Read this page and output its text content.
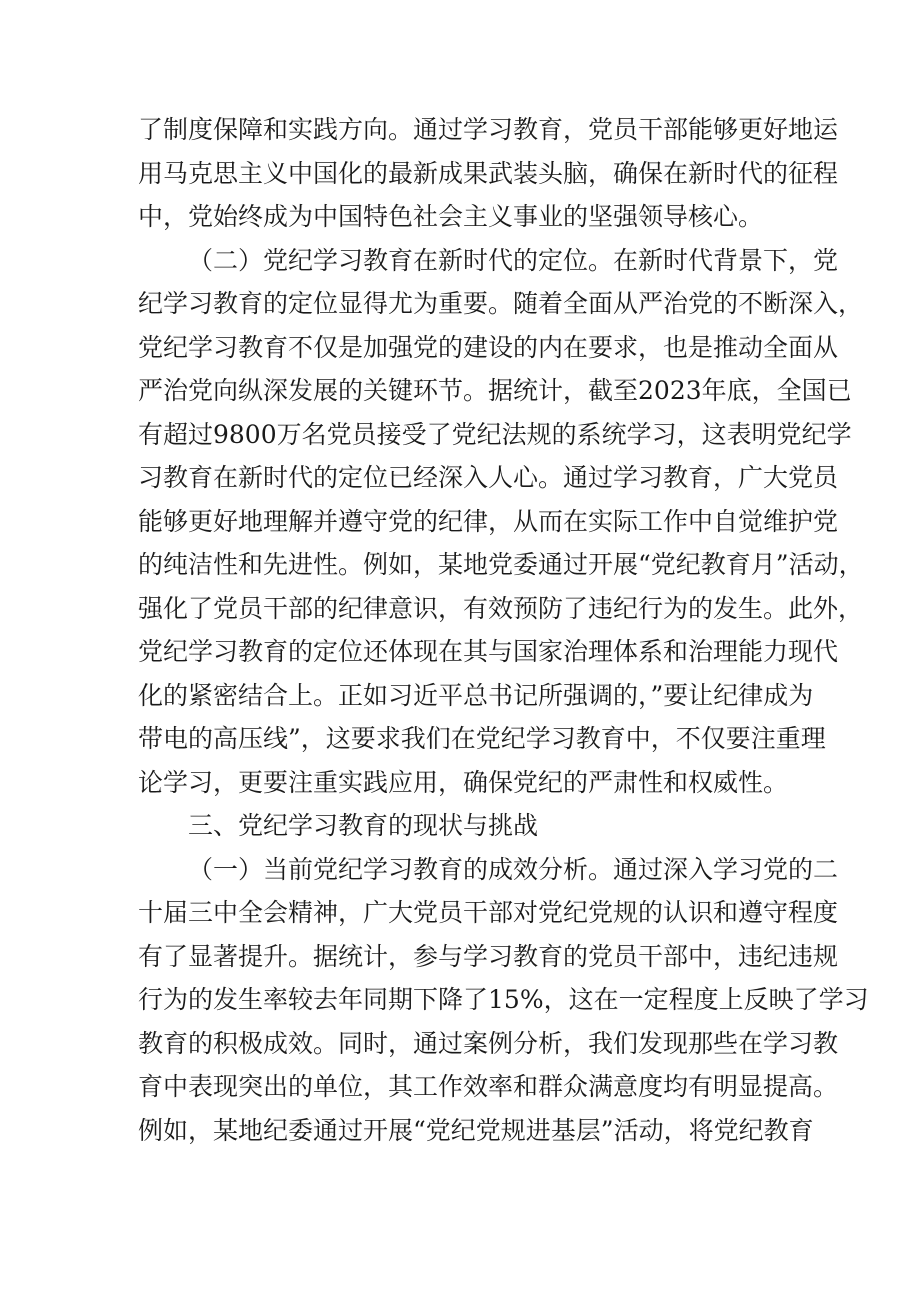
了制度保障和实践方向。通过学习教育，党员干部能够更好地运
用马克思主义中国化的最新成果武装头脑，确保在新时代的征程
中，党始终成为中国特色社会主义事业的坚强领导核心。
（二）党纪学习教育在新时代的定位。在新时代背景下，党
纪学习教育的定位显得尤为重要。随着全面从严治党的不断深入，
党纪学习教育不仅是加强党的建设的内在要求，也是推动全面从
严治党向纵深发展的关键环节。据统计，截至2023年底，全国已
有超过9800万名党员接受了党纪法规的系统学习，这表明党纪学
习教育在新时代的定位已经深入人心。通过学习教育，广大党员
能够更好地理解并遵守党的纪律，从而在实际工作中自觉维护党
的纯洁性和先进性。例如，某地党委通过开展“党纪教育月”活动，
强化了党员干部的纪律意识，有效预防了违纪行为的发生。此外，
党纪学习教育的定位还体现在其与国家治理体系和治理能力现代
化的紧密结合上。正如习近平总书记所强调的，”要让纪律成为
带电的高压线”，这要求我们在党纪学习教育中，不仅要注重理
论学习，更要注重实践应用，确保党纪的严肃性和权威性。
三、党纪学习教育的现状与挑战
（一）当前党纪学习教育的成效分析。通过深入学习党的二
十届三中全会精神，广大党员干部对党纪党规的认识和遵守程度
有了显著提升。据统计，参与学习教育的党员干部中，违纪违规
行为的发生率较去年同期下降了15%，这在一定程度上反映了学习
教育的积极成效。同时，通过案例分析，我们发现那些在学习教
育中表现突出的单位，其工作效率和群众满意度均有明显提高。
例如，某地纪委通过开展“党纪党规进基层”活动，将党纪教育
